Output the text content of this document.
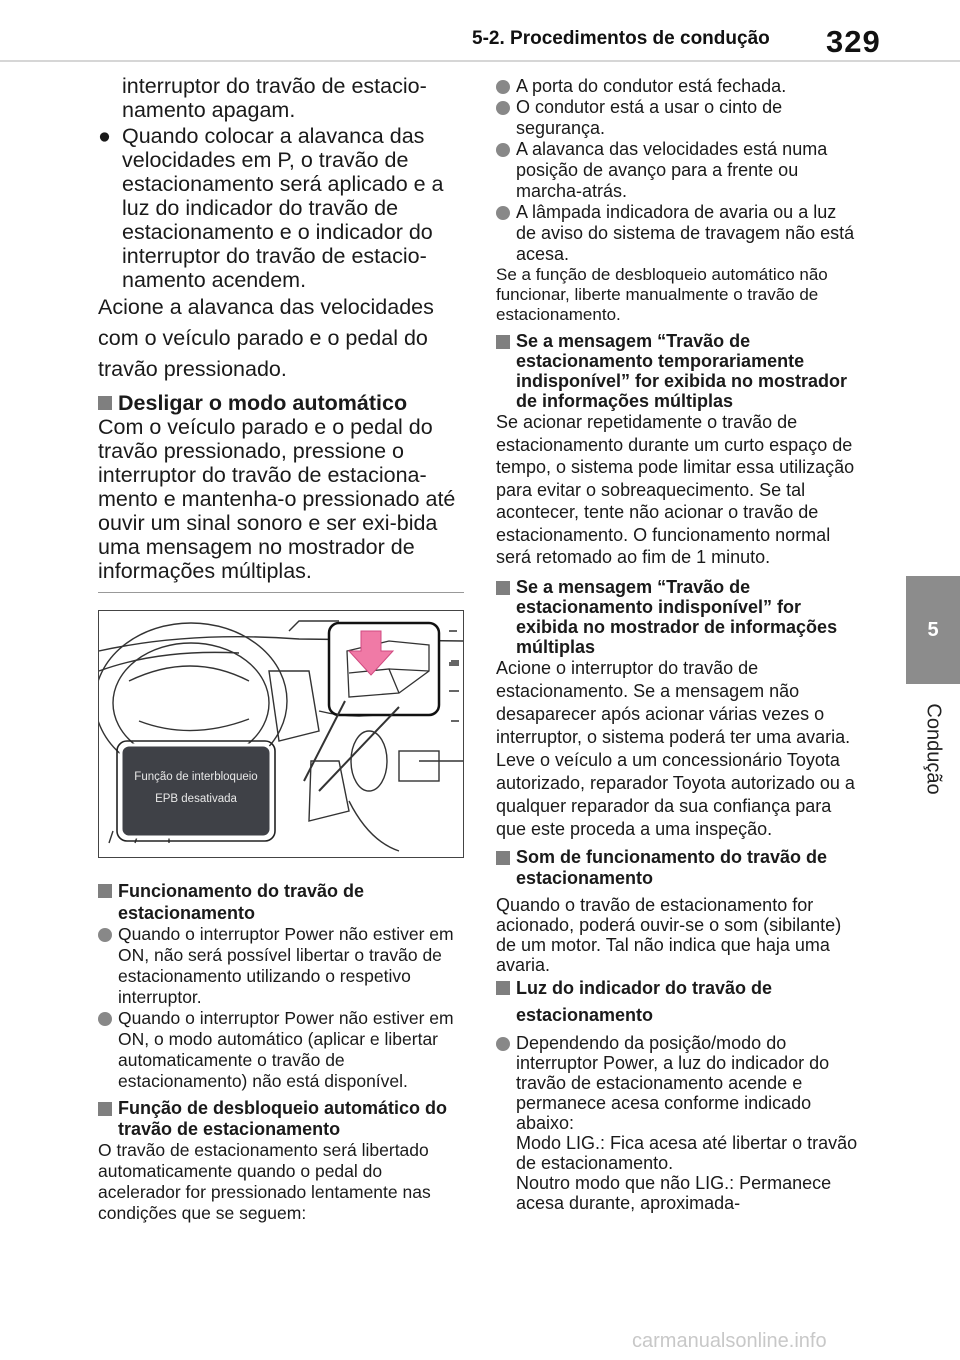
5-2. Procedimentos de condução 329
5
Condução

interruptor do travão de estacio-namento apagam.

● Quando colocar a alavanca das velocidades em P, o travão de estacionamento será aplicado e a luz do indicador do travão de estacionamento e o indicador do interruptor do travão de estacio-namento acendem.

Acione a alavanca das velocidades com o veículo parado e o pedal do travão pressionado.

Desligar o modo automático

Com o veículo parado e o pedal do travão pressionado, pressione o interruptor do travão de estaciona-mento e mantenha-o pressionado até ouvir um sinal sonoro e ser exi-bida uma mensagem no mostrador de informações múltiplas.

Função de interbloqueio
EPB desativada
Funcionamento do travão de estacionamento
Quando o interruptor Power não estiver em ON, não será possível libertar o travão de estacionamento utilizando o respetivo interruptor.
Quando o interruptor Power não estiver em ON, o modo automático (aplicar e libertar automaticamente o travão de estacionamento) não está disponível.
Função de desbloqueio automático do travão de estacionamento

O travão de estacionamento será libertado automaticamente quando o pedal do acelerador for pressionado lentamente nas condições que se seguem:

A porta do condutor está fechada.
O condutor está a usar o cinto de segurança.
A alavanca das velocidades está numa posição de avanço para a frente ou marcha-atrás.
A lâmpada indicadora de avaria ou a luz de aviso do sistema de travagem não está acesa.

Se a função de desbloqueio automático não funcionar, liberte manualmente o travão de estacionamento.

Se a mensagem “Travão de estacionamento temporariamente indisponível” for exibida no mostrador de informações múltiplas

Se acionar repetidamente o travão de estacionamento durante um curto espaço de tempo, o sistema pode limitar essa utilização para evitar o sobreaquecimento. Se tal acontecer, tente não acionar o travão de estacionamento. O funcionamento normal será retomado ao fim de 1 minuto.

Se a mensagem “Travão de estacionamento indisponível” for exibida no mostrador de informações múltiplas

Acione o interruptor do travão de estacionamento. Se a mensagem não desaparecer após acionar várias vezes o interruptor, o sistema poderá ter uma avaria. Leve o veículo a um concessionário Toyota autorizado, reparador Toyota autorizado ou a qualquer reparador da sua confiança para que este proceda a uma inspeção.

Som de funcionamento do travão de estacionamento

Quando o travão de estacionamento for acionado, poderá ouvir-se o som (sibilante) de um motor. Tal não indica que haja uma avaria.

Luz do indicador do travão de estacionamento
Dependendo da posição/modo do interruptor Power, a luz do indicador do travão de estacionamento acende e permanece acesa conforme indicado abaixo:

Modo LIG.: Fica acesa até libertar o travão de estacionamento.

Noutro modo que não LIG.: Permanece acesa durante, aproximada-

carmanualsonline.info
